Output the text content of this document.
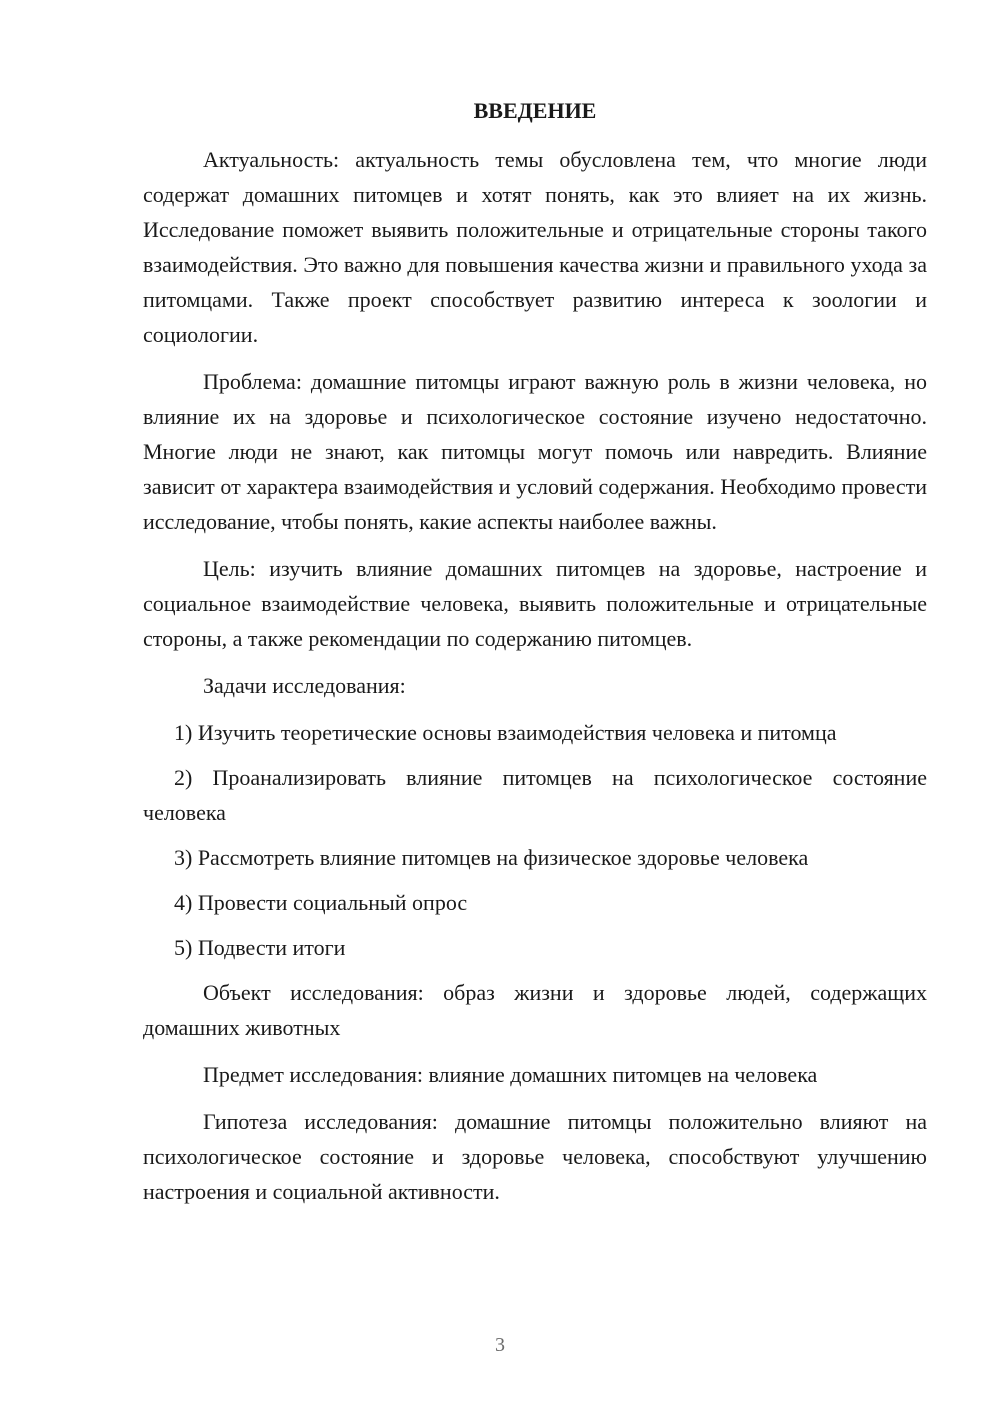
ВВЕДЕНИЕ

Актуальность: актуальность темы обусловлена тем, что многие люди содержат домашних питомцев и хотят понять, как это влияет на их жизнь. Исследование поможет выявить положительные и отрицательные стороны такого взаимодействия. Это важно для повышения качества жизни и правильного ухода за питомцами. Также проект способствует развитию интереса к зоологии и социологии.

Проблема: домашние питомцы играют важную роль в жизни человека, но влияние их на здоровье и психологическое состояние изучено недостаточно. Многие люди не знают, как питомцы могут помочь или навредить. Влияние зависит от характера взаимодействия и условий содержания. Необходимо провести исследование, чтобы понять, какие аспекты наиболее важны.

Цель: изучить влияние домашних питомцев на здоровье, настроение и социальное взаимодействие человека, выявить положительные и отрицательные стороны, а также рекомендации по содержанию питомцев.

Задачи исследования:

1) Изучить теоретические основы взаимодействия человека и питомца

2) Проанализировать влияние питомцев на психологическое состояние человека

3) Рассмотреть влияние питомцев на физическое здоровье человека

4) Провести социальный опрос

5) Подвести итоги

Объект исследования: образ жизни и здоровье людей, содержащих домашних животных

Предмет исследования: влияние домашних питомцев на человека

Гипотеза исследования: домашние питомцы положительно влияют на психологическое состояние и здоровье человека, способствуют улучшению настроения и социальной активности.

3
